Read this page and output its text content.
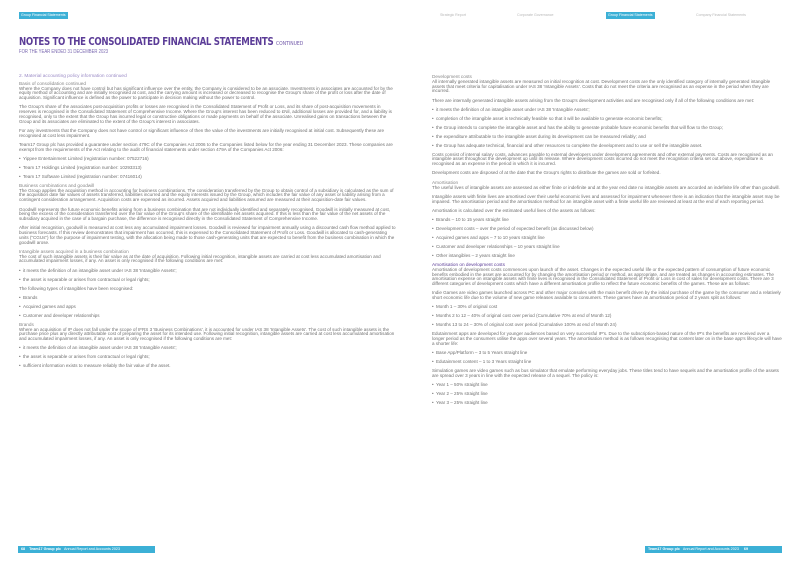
Group Financial Statements	Strategic Report	Corporate Governance	Group Financial Statements	Company Financial Statements
NOTES TO THE CONSOLIDATED FINANCIAL STATEMENTS CONTINUED
FOR THE YEAR ENDED 31 DECEMBER 2023
2. Material accounting policy information continued
Basis of consolidation continued
Where the Company does not have control but has significant influence over the entity, the Company is considered to be an associate. Investments in associates are accounted for by the equity method of accounting and are initially recognised at cost, and the carrying amount is increased or decreased to recognise the Group's share of the profit or loss after the date of acquisition. Significant influence is defined as the power to participate in decision making without the power to control.
The Group's share of the associates post-acquisition profits or losses are recognised in the Consolidated Statement of Profit or Loss, and its share of post-acquisition movements in reserves is recognised in the Consolidated Statement of Comprehensive Income. Where the Group's interest has been reduced to £Nil, additional losses are provided for, and a liability is recognised, only to the extent that the Group has incurred legal or constructive obligations or made payments on behalf of the associate. Unrealised gains on transactions between the Group and its associates are eliminated to the extent of the Group's interest in associates.
For any investments that the Company does not have control or significant influence of then the value of the investments are initially recognised at initial cost. Subsequently these are recognised at cost less impairment.
Team17 Group plc has provided a guarantee under section 479C of the Companies Act 2006 to the Companies listed below for the year ending 31 December 2023. These companies are exempt from the requirements of the Act relating to the audit of financial statements under section 479A of the Companies Act 2006:
• Yippee Entertainment Limited (registration number: 07522716)
• Team 17 Holdings Limited (registration number: 10293313)
• Team 17 Software Limited (registration number: 07416014)
Business combinations and goodwill
The Group applies the acquisition method in accounting for business combinations. The consideration transferred by the Group to obtain control of a subsidiary is calculated as the sum of the acquisition date fair values of assets transferred, liabilities incurred and the equity interests issued by the Group, which includes the fair value of any asset or liability arising from a contingent consideration arrangement. Acquisition costs are expensed as incurred. Assets acquired and liabilities assumed are measured at their acquisition-date fair values.
Goodwill represents the future economic benefits arising from a business combination that are not individually identified and separately recognised. Goodwill is initially measured at cost, being the excess of the consideration transferred over the fair value of the Group's share of the identifiable net assets acquired. If this is less than the fair value of the net assets of the subsidiary acquired in the case of a bargain purchase, the difference is recognised directly in the Consolidated Statement of Comprehensive Income.
After initial recognition, goodwill is measured at cost less any accumulated impairment losses. Goodwill is reviewed for impairment annually using a discounted cash flow method applied to business forecasts. If this review demonstrates that impairment has occurred, this is expensed to the Consolidated Statement of Profit or Loss. Goodwill is allocated to cash-generating units ("CGUs") for the purpose of impairment testing, with the allocation being made to those cash-generating units that are expected to benefit from the business combination in which the goodwill arose.
Intangible assets acquired in a business combination
The cost of such intangible assets is their fair value as at the date of acquisition. Following initial recognition, intangible assets are carried at cost less accumulated amortisation and accumulated impairment losses, if any. An asset is only recognised if the following conditions are met:
• it meets the definition of an intangible asset under IAS 38 'Intangible Assets';
• the asset is separable or arises from contractual or legal rights;
The following types of intangibles have been recognised:
• Brands
• Acquired games and apps
• Customer and developer relationships
Brands
Where an acquisition of IP does not fall under the scope of IFRS 3 'Business Combinations', it is accounted for under IAS 38 'Intangible Assets'. The cost of such intangible assets is the purchase price plus any directly attributable cost of preparing the asset for its intended use. Following initial recognition, intangible assets are carried at cost less accumulated amortisation and accumulated impairment losses, if any. An asset is only recognised if the following conditions are met:
• it meets the definition of an intangible asset under IAS 38 'Intangible Assets';
• the asset is separable or arises from contractual or legal rights;
• sufficient information exists to measure reliably the fair value of the asset.
Development costs
All internally generated intangible assets are measured on initial recognition at cost. Development costs are the only identified category of internally generated intangible assets that meet criteria for capitalisation under IAS 38 'Intangible Assets'. Costs that do not meet the criteria are recognised as an expense in the period when they are incurred.
There are internally generated intangible assets arising from the Group's development activities and are recognised only if all of the following conditions are met:
• it meets the definition of an intangible asset under IAS 38 'Intangible Assets';
• completion of the intangible asset is technically feasible so that it will be available to generate economic benefits;
• the Group intends to complete the intangible asset and has the ability to generate probable future economic benefits that will flow to the Group;
• the expenditure attributable to the intangible asset during its development can be measured reliably; and
• the Group has adequate technical, financial and other resources to complete the development and to use or sell the intangible asset.
Costs consist of internal salary costs, advances payable to external developers under development agreements and other external payments. Costs are recognised as an intangible asset throughout the development up until its release. Where development costs incurred do not meet the recognition criteria set out above, expenditure is recognised as an expense in the period in which it is incurred.
Development costs are disposed of at the date that the Group's rights to distribute the games are sold or forfeited.
Amortisation
The useful lives of intangible assets are assessed as either finite or indefinite and at the year end date no intangible assets are accorded an indefinite life other than goodwill.
Intangible assets with finite lives are amortised over their useful economic lives and assessed for impairment whenever there is an indication that the intangible asset may be impaired. The amortisation period and the amortisation method for an intangible asset with a finite useful life are reviewed at least at the end of each reporting period.
Amortisation is calculated over the estimated useful lives of the assets as follows:
• Brands – 10 to 15 years straight line
• Development costs – over the period of expected benefit (as discussed below)
• Acquired games and apps – 7 to 10 years straight line
• Customer and developer relationships – 10 years straight line
• Other intangibles – 2 years straight line
Amortisation on development costs
Amortisation of development costs commences upon launch of the asset. Changes in the expected useful life or the expected pattern of consumption of future economic benefits embodied in the asset are accounted for by changing the amortisation period or method, as appropriate, and are treated as changes in accounting estimates. The amortisation expense on intangible assets with finite lives is recognised in the Consolidated Statement of Profit or Loss in cost of sales for development costs. There are 3 different categories of development costs which have a different amortisation profile to reflect the future economic benefits of the games. These are as follows:
Indie Games are video games launched across PC and other major consoles with the main benefit driven by the initial purchase of the game by the consumer and a relatively short economic life due to the volume of new game releases available to consumers. These games have an amortisation period of 2 years split as follows:
• Month 1 – 30% of original cost
• Months 2 to 12 – 40% of original cost over period (Cumulative 70% at end of Month 12)
• Months 13 to 24 – 30% of original cost over period (Cumulative 100% at end of Month 24)
Edutainment apps are developed for younger audiences based on very successful IP's. Due to the subscription-based nature of the IP's the benefits are received over a longer period as the consumers utilise the apps over several years. The amortisation method is as follows recognising that content later on in the base app's lifecycle will have a shorter life:
• Base App/Platform – 3 to 5 Years straight line
• Edutainment content – 1 to 3 Years straight line
Simulation games are video games such as bus simulator that emulate performing everyday jobs. These titles tend to have sequels and the amortisation profile of the assets are spread over 3 years in line with the expected release of a sequel. The policy is:
• Year 1 – 50% straight line
• Year 2 – 25% straight line
• Year 3 – 25% straight line
68 Team17 Group plc Annual Report and Accounts 2023	Team17 Group plc Annual Report and Accounts 2023 69
